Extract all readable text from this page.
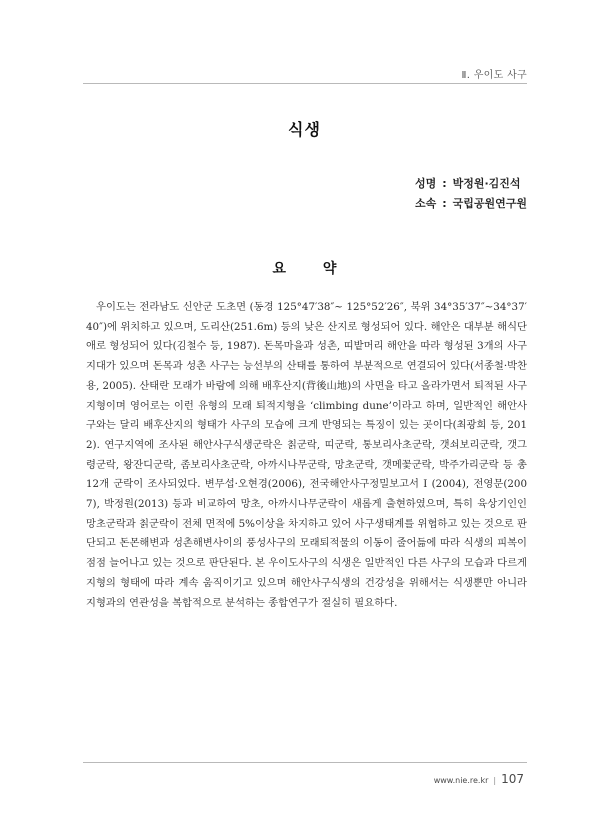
Ⅱ. 우이도 사구
식생
성명 : 박정원·김진석
소속 : 국립공원연구원
요 약

우이도는 전라남도 신안군 도초면 (동경 125°47′38″~ 125°52′26″, 북위 34°35′37″~34°37′40″)에 위치하고 있으며, 도리산(251.6m) 등의 낮은 산지로 형성되어 있다. 해안은 대부분 해식단애로 형성되어 있다(김철수 등, 1987). 돈목마을과 성촌, 띠밭머리 해안을 따라 형성된 3개의 사구지대가 있으며 돈목과 성촌 사구는 능선부의 산태를 통하여 부분적으로 연결되어 있다(서종철·박찬용, 2005). 산태란 모래가 바람에 의해 배후산지(背後山地)의 사면을 타고 올라가면서 퇴적된 사구지형이며 영어로는 이런 유형의 모래 퇴적지형을 ‘climbing dune’이라고 하며, 일반적인 해안사구와는 달리 배후산지의 형태가 사구의 모습에 크게 반영되는 특징이 있는 곳이다(최광희 등, 2012). 연구지역에 조사된 해안사구식생군락은 칡군락, 띠군락, 통보리사초군락, 갯쇠보리군락, 갯그령군락, 왕잔디군락, 좀보리사초군락, 아까시나무군락, 망초군락, 갯메꽃군락, 박주가리군락 등 총 12개 군락이 조사되었다. 변무섭·오현경(2006), 전국해안사구정밀보고서 I (2004), 전영문(2007), 박정원(2013) 등과 비교하여 망초, 아까시나무군락이 새롭게 출현하였으며, 특히 육상기인인 망초군락과 칡군락이 전체 면적에 5%이상을 차지하고 있어 사구생태계를 위협하고 있는 것으로 판단되고 돈몬해변과 성촌해변사이의 풍성사구의 모래퇴적물의 이동이 줄어듦에 따라 식생의 피복이 점점 늘어나고 있는 것으로 판단된다. 본 우이도사구의 식생은 일반적인 다른 사구의 모습과 다르게 지형의 형태에 따라 계속 움직이기고 있으며 해안사구식생의 건강성을 위해서는 식생뿐만 아니라 지형과의 연관성을 복합적으로 분석하는 종합연구가 절실히 필요하다.

www.nie.re.kr | 107
